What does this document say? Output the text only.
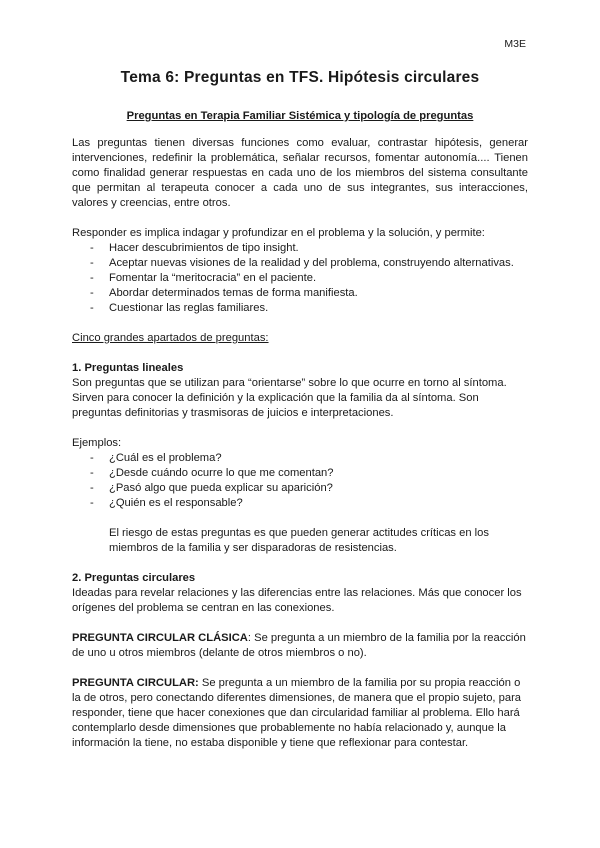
M3E
Tema 6: Preguntas en TFS. Hipótesis circulares
Preguntas en Terapia Familiar Sistémica y tipología de preguntas

Las preguntas tienen diversas funciones como evaluar, contrastar hipótesis, generar intervenciones, redefinir la problemática, señalar recursos, fomentar autonomía.... Tienen como finalidad generar respuestas en cada uno de los miembros del sistema consultante que permitan al terapeuta conocer a cada uno de sus integrantes, sus interacciones, valores y creencias, entre otros.

Responder es implica indagar y profundizar en el problema y la solución, y permite:

- Hacer descubrimientos de tipo insight.
- Aceptar nuevas visiones de la realidad y del problema, construyendo alternativas.
- Fomentar la “meritocracia” en el paciente.
- Abordar determinados temas de forma manifiesta.
- Cuestionar las reglas familiares.

Cinco grandes apartados de preguntas:

1. Preguntas lineales

Son preguntas que se utilizan para “orientarse” sobre lo que ocurre en torno al síntoma. Sirven para conocer la definición y la explicación que la familia da al síntoma. Son preguntas definitorias y trasmisoras de juicios e interpretaciones.

Ejemplos:

- ¿Cuál es el problema?
- ¿Desde cuándo ocurre lo que me comentan?
- ¿Pasó algo que pueda explicar su aparición?
- ¿Quién es el responsable?

El riesgo de estas preguntas es que pueden generar actitudes críticas en los miembros de la familia y ser disparadoras de resistencias.

2. Preguntas circulares

Ideadas para revelar relaciones y las diferencias entre las relaciones. Más que conocer los orígenes del problema se centran en las conexiones.

PREGUNTA CIRCULAR CLÁSICA: Se pregunta a un miembro de la familia por la reacción de uno u otros miembros (delante de otros miembros o no).

PREGUNTA CIRCULAR: Se pregunta a un miembro de la familia por su propia reacción o la de otros, pero conectando diferentes dimensiones, de manera que el propio sujeto, para responder, tiene que hacer conexiones que dan circularidad familiar al problema. Ello hará contemplarlo desde dimensiones que probablemente no había relacionado y, aunque la información la tiene, no estaba disponible y tiene que reflexionar para contestar.
